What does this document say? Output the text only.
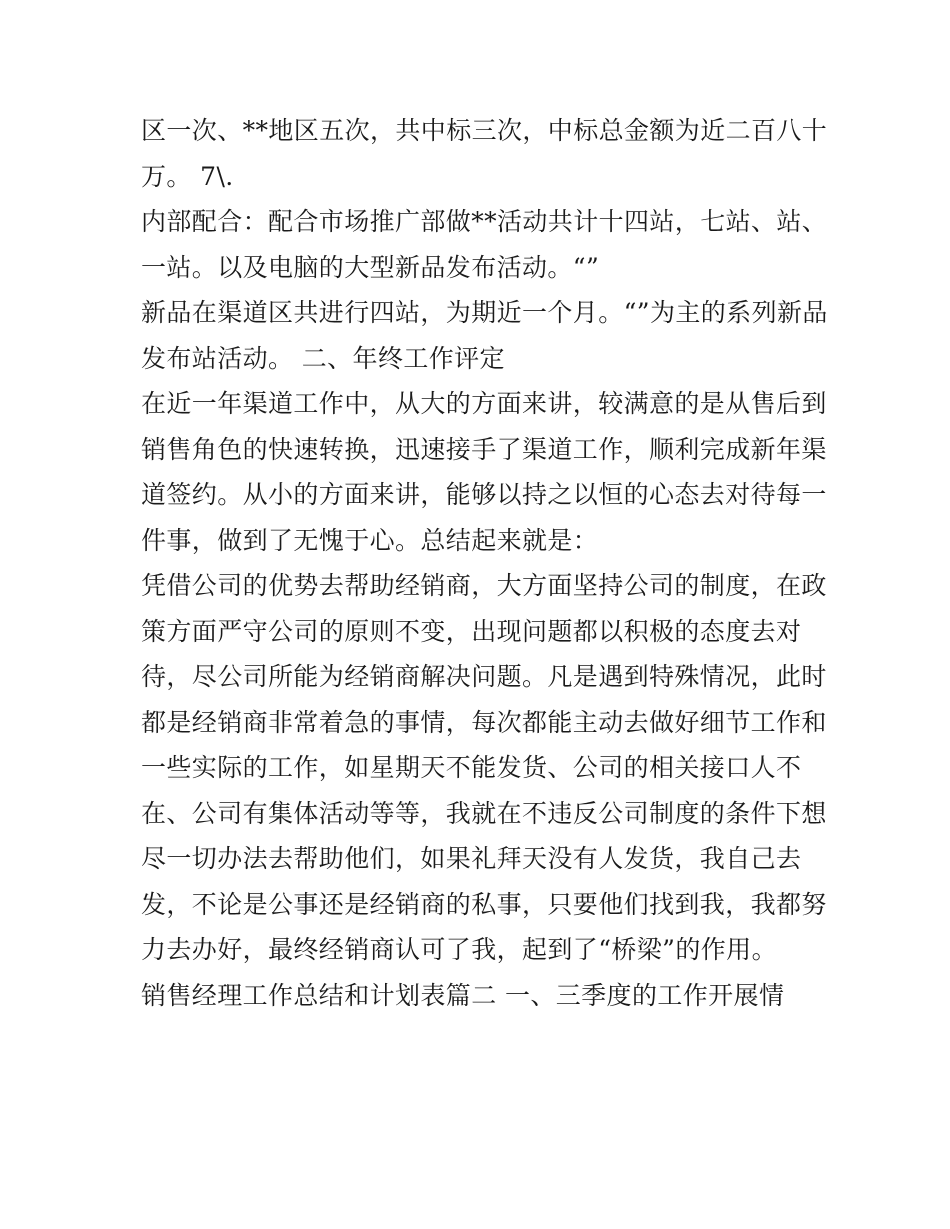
区一次、**地区五次，共中标三次，中标总金额为近二百八十
万。 7\.
内部配合：配合市场推广部做**活动共计十四站，七站、站、
一站。以及电脑的大型新品发布活动。“”
新品在渠道区共进行四站，为期近一个月。“”为主的系列新品
发布站活动。 二、年终工作评定
在近一年渠道工作中，从大的方面来讲，较满意的是从售后到
销售角色的快速转换，迅速接手了渠道工作，顺利完成新年渠
道签约。从小的方面来讲，能够以持之以恒的心态去对待每一
件事，做到了无愧于心。总结起来就是：
凭借公司的优势去帮助经销商，大方面坚持公司的制度，在政
策方面严守公司的原则不变，出现问题都以积极的态度去对
待，尽公司所能为经销商解决问题。凡是遇到特殊情况，此时
都是经销商非常着急的事情，每次都能主动去做好细节工作和
一些实际的工作，如星期天不能发货、公司的相关接口人不
在、公司有集体活动等等，我就在不违反公司制度的条件下想
尽一切办法去帮助他们，如果礼拜天没有人发货，我自己去
发，不论是公事还是经销商的私事，只要他们找到我，我都努
力去办好，最终经销商认可了我，起到了“桥梁”的作用。
销售经理工作总结和计划表篇二 一、三季度的工作开展情
